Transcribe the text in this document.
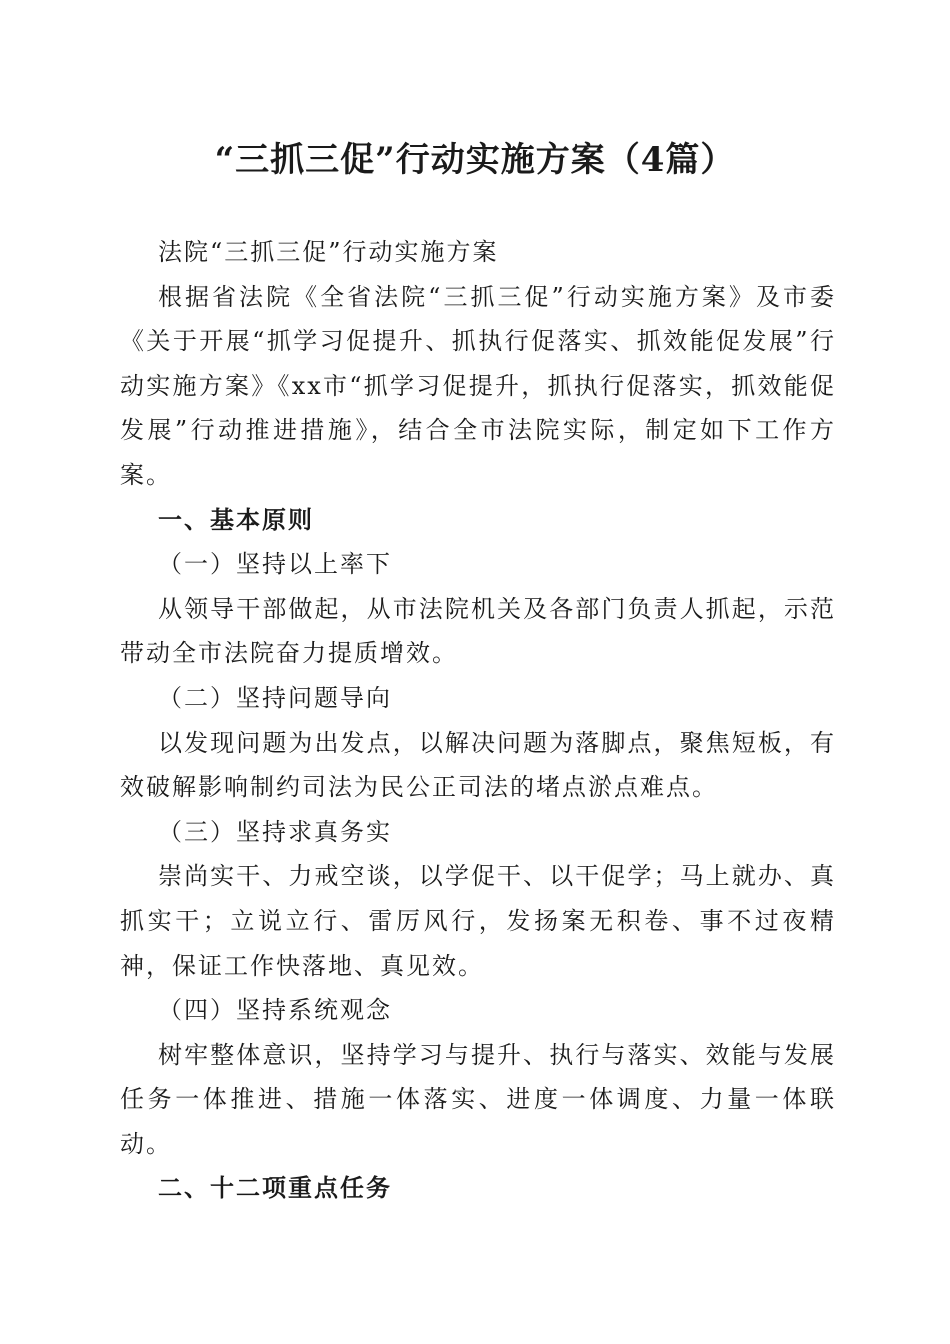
“三抓三促”行动实施方案（4篇）

法院“三抓三促”行动实施方案

根据省法院《全省法院“三抓三促”行动实施方案》及市委《关于开展“抓学习促提升、抓执行促落实、抓效能促发展”行动实施方案》《xx市“抓学习促提升，抓执行促落实，抓效能促发展”行动推进措施》，结合全市法院实际，制定如下工作方案。

一、基本原则

（一）坚持以上率下

从领导干部做起，从市法院机关及各部门负责人抓起，示范带动全市法院奋力提质增效。

（二）坚持问题导向

以发现问题为出发点，以解决问题为落脚点，聚焦短板，有效破解影响制约司法为民公正司法的堵点淤点难点。

（三）坚持求真务实

崇尚实干、力戒空谈，以学促干、以干促学；马上就办、真抓实干；立说立行、雷厉风行，发扬案无积卷、事不过夜精神，保证工作快落地、真见效。

（四）坚持系统观念

树牢整体意识，坚持学习与提升、执行与落实、效能与发展任务一体推进、措施一体落实、进度一体调度、力量一体联动。

二、十二项重点任务
